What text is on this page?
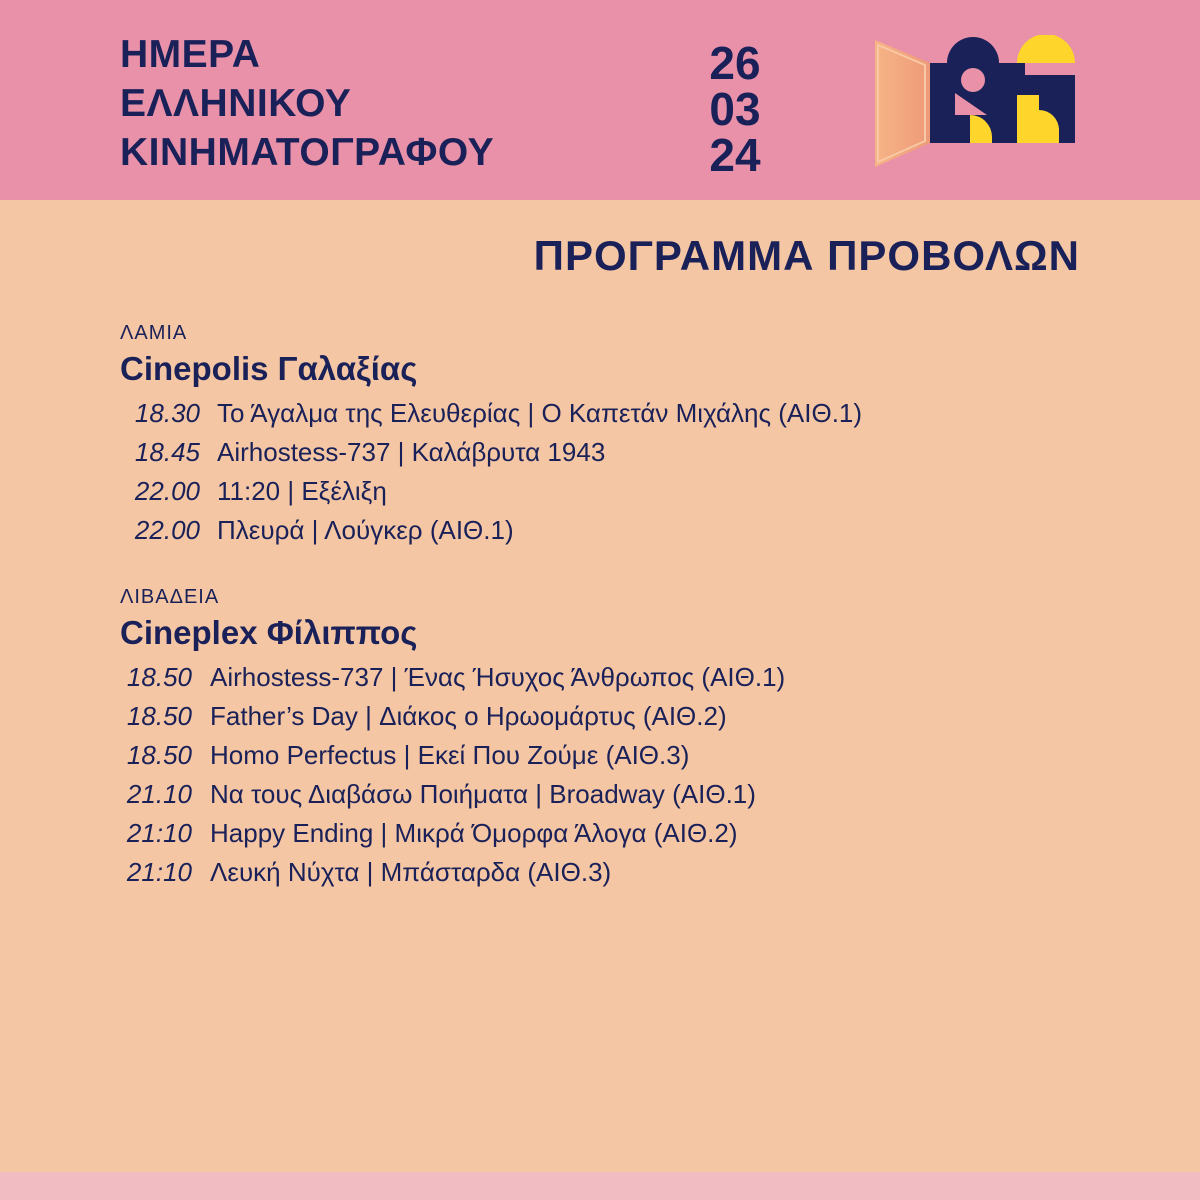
ΗΜΕΡΑ
ΕΛΛΗΝΙΚΟΥ
ΚΙΝΗΜΑΤΟΓΡΑΦΟΥ
26
03
24
ΠΡΟΓΡΑΜΜΑ ΠΡΟΒΟΛΩΝ
ΛΑΜΙΑ
Cinepolis Γαλαξίας
18.30 Το Άγαλμα της Ελευθερίας | Ο Καπετάν Μιχάλης (ΑΙΘ.1)
18.45 Airhostess-737 | Καλάβρυτα 1943
22.00 11:20 | Εξέλιξη
22.00 Πλευρά | Λούγκερ (ΑΙΘ.1)
ΛΙΒΑΔΕΙΑ
Cineplex Φίλιππος
18.50 Airhostess-737 | Ένας Ήσυχος Άνθρωπος (ΑΙΘ.1)
18.50 Father’s Day | Διάκος ο Ηρωομάρτυς (ΑΙΘ.2)
18.50 Homo Perfectus | Εκεί Που Ζούμε (ΑΙΘ.3)
21.10 Να τους Διαβάσω Ποιήματα | Broadway (ΑΙΘ.1)
21:10 Happy Ending | Μικρά Όμορφα Άλογα (ΑΙΘ.2)
21:10 Λευκή Νύχτα | Μπάσταρδα (ΑΙΘ.3)
